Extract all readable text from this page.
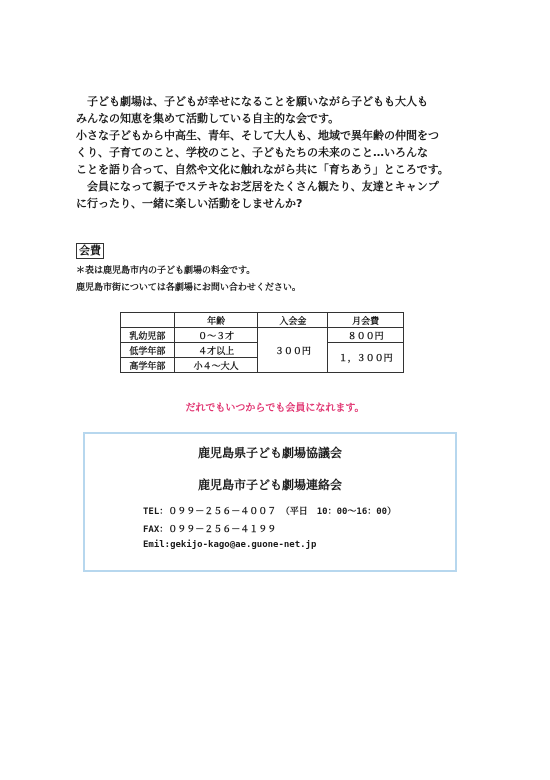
　子ども劇場は、子どもが幸せになることを願いながら子どもも大人も

みんなの知恵を集めて活動している自主的な会です。

小さな子どもから中高生、青年、そして大人も、地域で異年齢の仲間をつ

くり、子育てのこと、学校のこと、子どもたちの未来のこと…いろんな

ことを語り合って、自然や文化に触れながら共に「育ちあう」ところです。

　会員になって親子でステキなお芝居をたくさん観たり、友達とキャンプ

に行ったり、一緒に楽しい活動をしませんか?

会費
＊表は鹿児島市内の子ども劇場の料金です。
鹿児島市街については各劇場にお問い合わせください。
	年齢	入会金	月会費
乳幼児部	０～３才	３００円	８００円
低学年部	４才以上		１，３００円
高学年部	小４～大人		
だれでもいつからでも会員になれます。
鹿児島県子ども劇場協議会
鹿児島市子ども劇場連絡会
TEL：０９９－２５６－４００７　（平日　10：00～16：00）
FAX：０９９－２５６－４１９９
Emil:gekijo-kago@ae.guone-net.jp
